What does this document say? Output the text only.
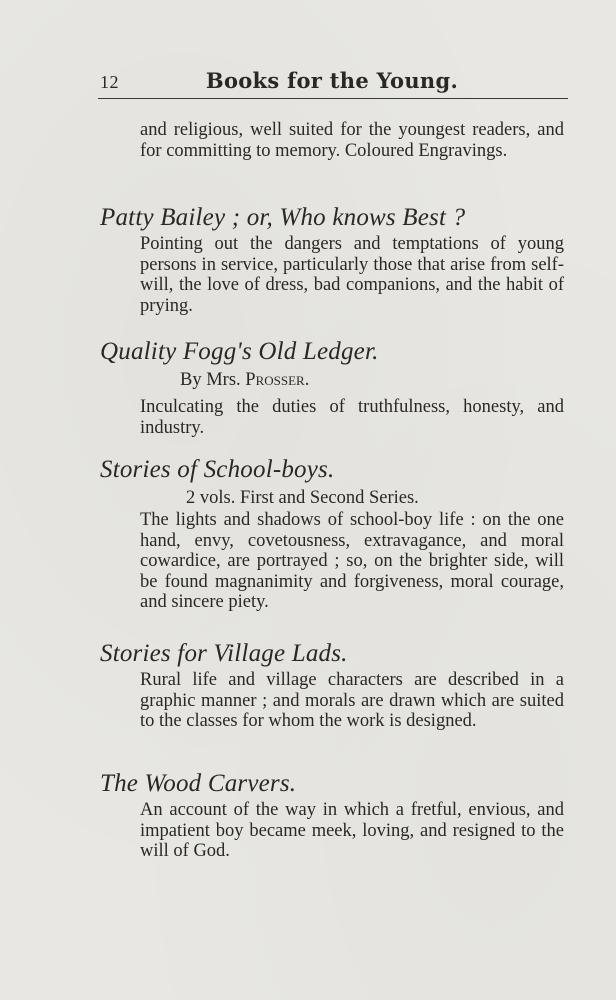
12	Books for the Young.

and religious, well suited for the youngest readers, and for committing to memory. Coloured Engravings.

Patty Bailey ; or, Who knows Best ?

Pointing out the dangers and temptations of young persons in service, particularly those that arise from self-will, the love of dress, bad companions, and the habit of prying.

Quality Fogg's Old Ledger.
By Mrs. Prosser.

Inculcating the duties of truthfulness, honesty, and industry.

Stories of School-boys.
2 vols. First and Second Series.

The lights and shadows of school-boy life : on the one hand, envy, covetousness, extravagance, and moral cowardice, are portrayed ; so, on the brighter side, will be found magnanimity and forgiveness, moral courage, and sincere piety.

Stories for Village Lads.

Rural life and village characters are described in a graphic manner ; and morals are drawn which are suited to the classes for whom the work is designed.

The Wood Carvers.

An account of the way in which a fretful, envious, and impatient boy became meek, loving, and resigned to the will of God.
